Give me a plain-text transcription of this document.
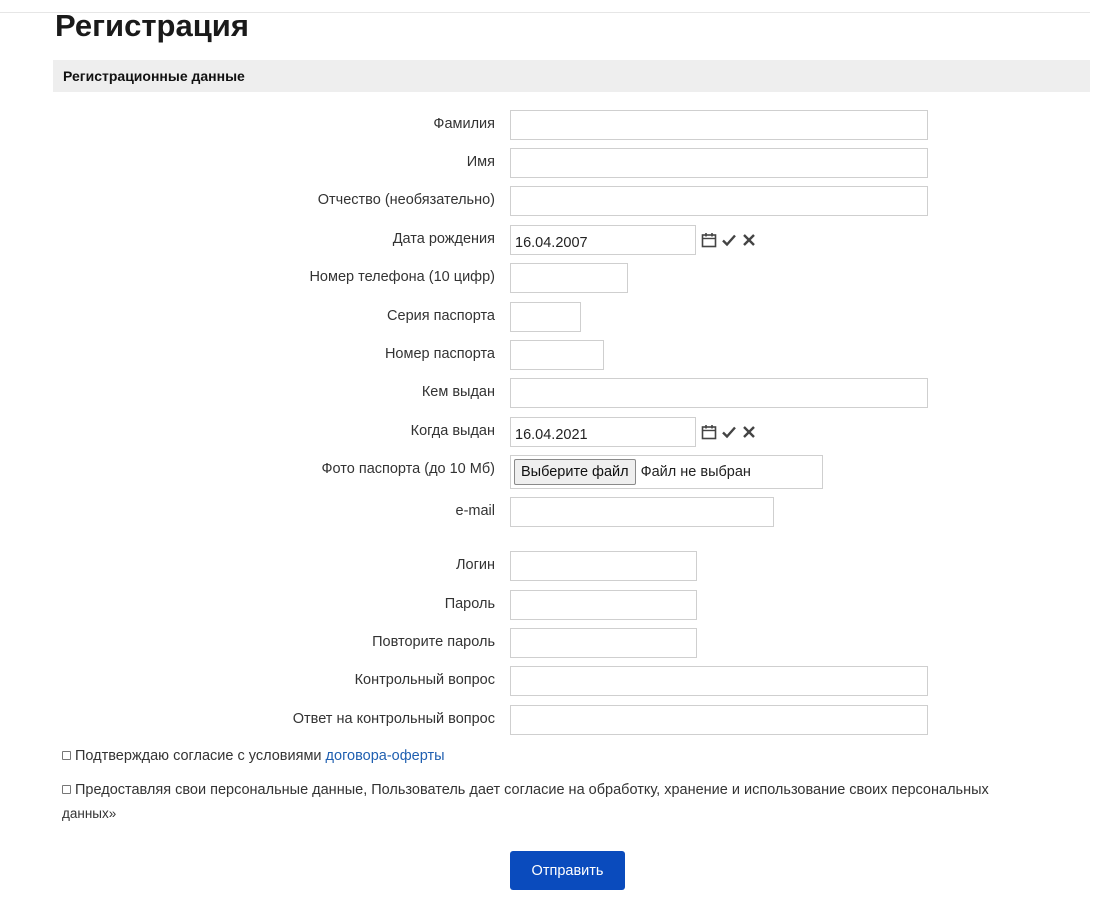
Регистрация
Регистрационные данные
Фамилия
Имя
Отчество (необязательно)
Дата рождения
16.04.2007
Номер телефона (10 цифр)
Серия паспорта
Номер паспорта
Кем выдан
Когда выдан
16.04.2021
Фото паспорта (до 10 Мб)	Выберите файл Файл не выбран
e-mail
Логин
Пароль
Повторите пароль
Контрольный вопрос
Ответ на контрольный вопрос
Подтверждаю согласие с условиями договора-оферты
Предоставляя свои персональные данные, Пользователь дает согласие на обработку, хранение и использование своих персональных
данных»
Отправить
